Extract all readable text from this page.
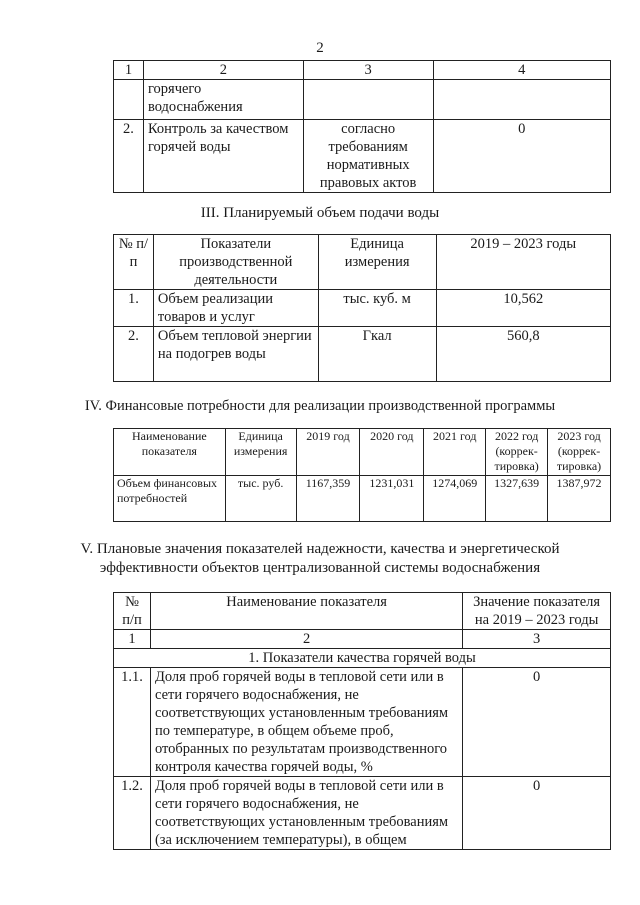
2
1	2	3	4
	горячего водоснабжения		
2.	Контроль за качеством горячей воды	согласно требованиям нормативных правовых актов	0
III. Планируемый объем подачи воды
№ п/п	Показатели производственной деятельности	Единица измерения	2019 – 2023 годы
1.	Объем реализации товаров и услуг	тыс. куб. м	10,562
2.	Объем тепловой энергии на подогрев воды	Гкал	560,8
IV. Финансовые потребности для реализации производственной программы
Наименование показателя	Единица измерения	2019 год	2020 год	2021 год	2022 год (коррек-тировка)	2023 год (коррек-тировка)
Объем финансовых потребностей	тыс. руб.	1167,359	1231,031	1274,069	1327,639	1387,972
V. Плановые значения показателей надежности, качества и энергетической
эффективности объектов централизованной системы водоснабжения
№ п/п	Наименование показателя	Значение показателя на 2019 – 2023 годы
1	2	3
1. Показатели качества горячей воды		
1.1.	Доля проб горячей воды в тепловой сети или в сети горячего водоснабжения, не соответствующих установленным требованиям по температуре, в общем объеме проб, отобранных по результатам производственного контроля качества горячей воды, %	0
1.2.	Доля проб горячей воды в тепловой сети или в сети горячего водоснабжения, не соответствующих установленным требованиям (за исключением температуры), в общем	0
